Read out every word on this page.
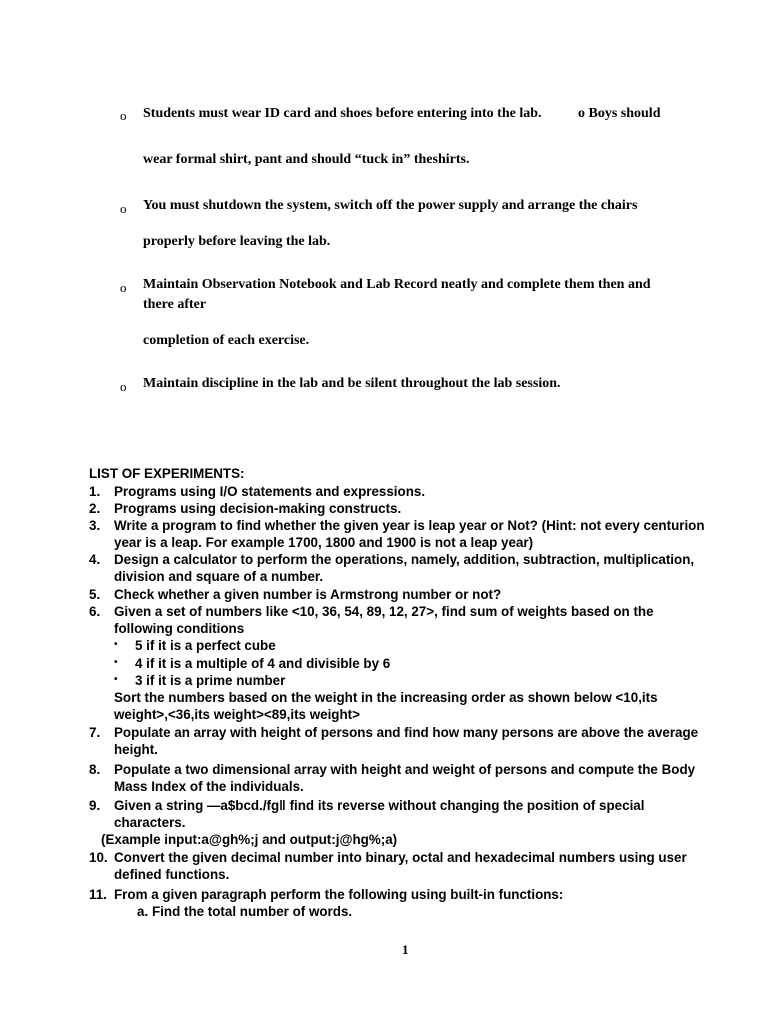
o Students must wear ID card and shoes before entering into the lab.	o Boys should
wear formal shirt, pant and should “tuck in” theshirts.
o You must shutdown the system, switch off the power supply and arrange the chairs
properly before leaving the lab.
o Maintain Observation Notebook and Lab Record neatly and complete them then and
there after
completion of each exercise.
o Maintain discipline in the lab and be silent throughout the lab session.
LIST OF EXPERIMENTS:
1. Programs using I/O statements and expressions.
2. Programs using decision-making constructs.
3. Write a program to find whether the given year is leap year or Not? (Hint: not every centurion
year is a leap. For example 1700, 1800 and 1900 is not a leap year)
4. Design a calculator to perform the operations, namely, addition, subtraction, multiplication,
division and square of a number.
5. Check whether a given number is Armstrong number or not?
6. Given a set of numbers like <10, 36, 54, 89, 12, 27>, find sum of weights based on the
following conditions
• 5 if it is a perfect cube
• 4 if it is a multiple of 4 and divisible by 6
• 3 if it is a prime number
Sort the numbers based on the weight in the increasing order as shown below <10,its
weight>,<36,its weight><89,its weight>
7. Populate an array with height of persons and find how many persons are above the average
height.
8. Populate a two dimensional array with height and weight of persons and compute the Body
Mass Index of the individuals.
9. Given a string ―a$bcd./fg‖ find its reverse without changing the position of special
characters.
(Example input:a@gh%;j and output:j@hg%;a)
10. Convert the given decimal number into binary, octal and hexadecimal numbers using user
defined functions.
11. From a given paragraph perform the following using built-in functions:
a. Find the total number of words.
1
